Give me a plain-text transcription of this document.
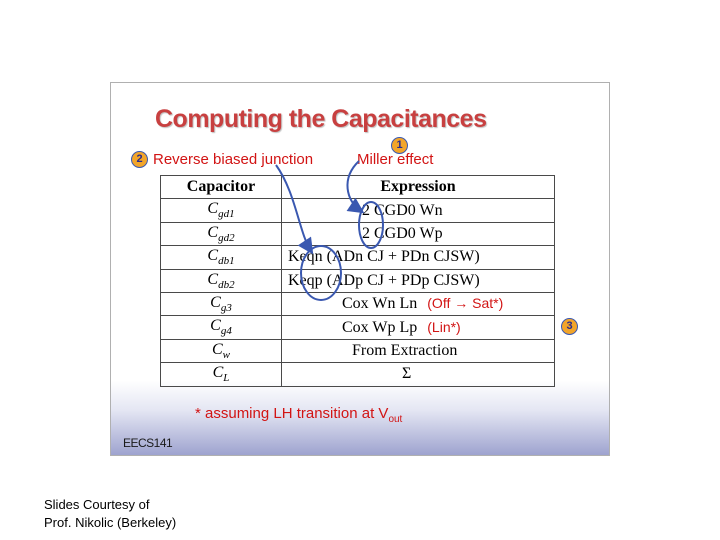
Computing the Capacitances
2 Reverse biased junction
1
Miller effect
3
Capacitor	Expression
$C_{gd1}$	2 CGD0 Wn
$C_{gd2}$	2 CGD0 Wp
$C_{db1}$	Keqn (ADn CJ + PDn CJSW)
$C_{db2}$	Keqp (ADp CJ + PDp CJSW)
$C_{g3}$	Cox Wn Ln (Off → Sat*)
$C_{g4}$	Cox Wp Lp (Lin*)
$C_w$	From Extraction
$C_L$	Σ
* assuming LH transition at $V_{out}$
EECS141
Slides Courtesy of
Prof. Nikolic (Berkeley)
